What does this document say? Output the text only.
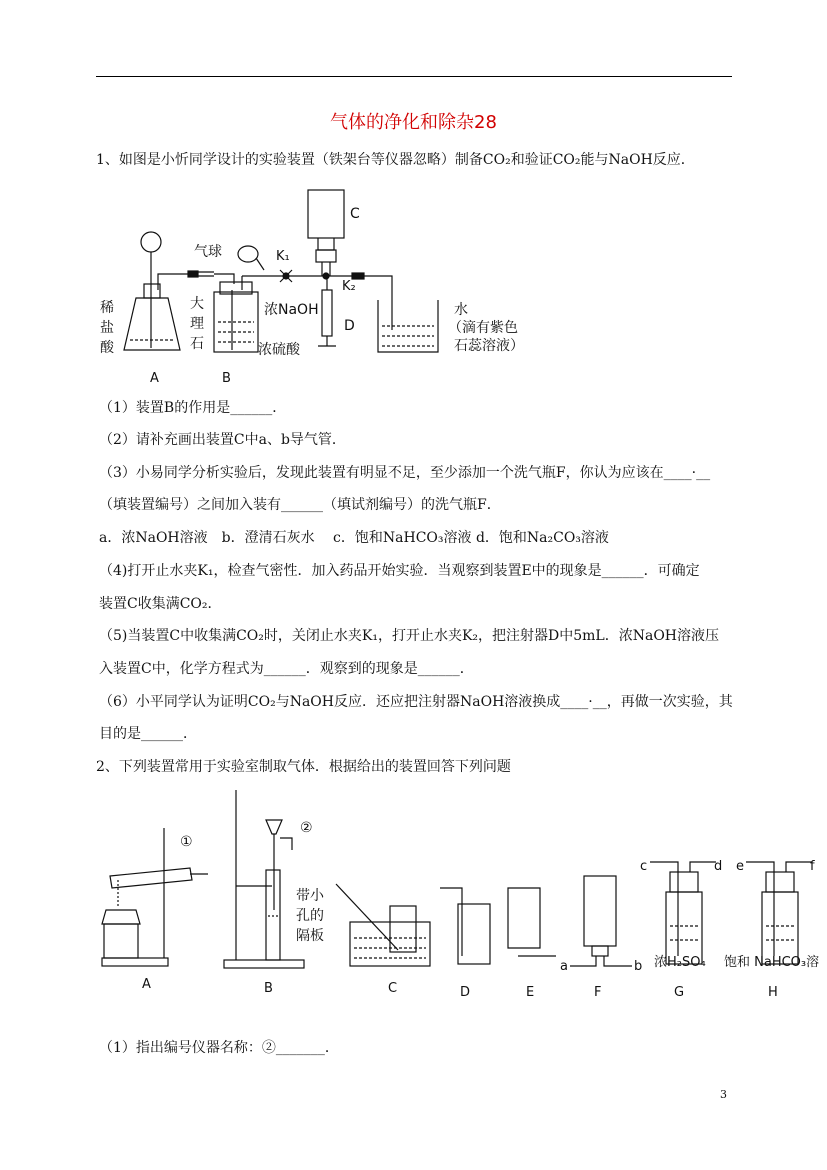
气体的净化和除杂28
1、如图是小忻同学设计的实验装置（铁架台等仪器忽略）制备CO₂和验证CO₂能与NaOH反应．
稀
盐
酸
大
理
石
气球	K₁
K₂
浓NaOH
D
C
浓硫酸
水
（滴有紫色
石蕊溶液）
A	B
（1）装置B的作用是______．
（2）请补充画出装置C中a、b导气管．
（3）小易同学分析实验后，发现此装置有明显不足，至少添加一个洗气瓶F，你认为应该在____·__
（填装置编号）之间加入装有______（填试剂编号）的洗气瓶F．
a．浓NaOH溶液　b．澄清石灰水　 c．饱和NaHCO₃溶液 d．饱和Na₂CO₃溶液
（4)打开止水夹K₁，检查气密性．加入药品开始实验．当观察到装置E中的现象是______．可确定
装置C收集满CO₂．
（5)当装置C中收集满CO₂时，关闭止水夹K₁，打开止水夹K₂，把注射器D中5mL．浓NaOH溶液压
入装置C中，化学方程式为______．观察到的现象是______．
（6）小平同学认为证明CO₂与NaOH反应．还应把注射器NaOH溶液换成____·__，再做一次实验，其
目的是______．
2、下列装置常用于实验室制取气体．根据给出的装置回答下列问题
①
②
带小
孔的
隔板
c	d e	f
a	b 浓H₂SO₄ 饱和 NaHCO₃溶
A	B	C	D	E	F	G	H
（1）指出编号仪器名称：②_______．
3
